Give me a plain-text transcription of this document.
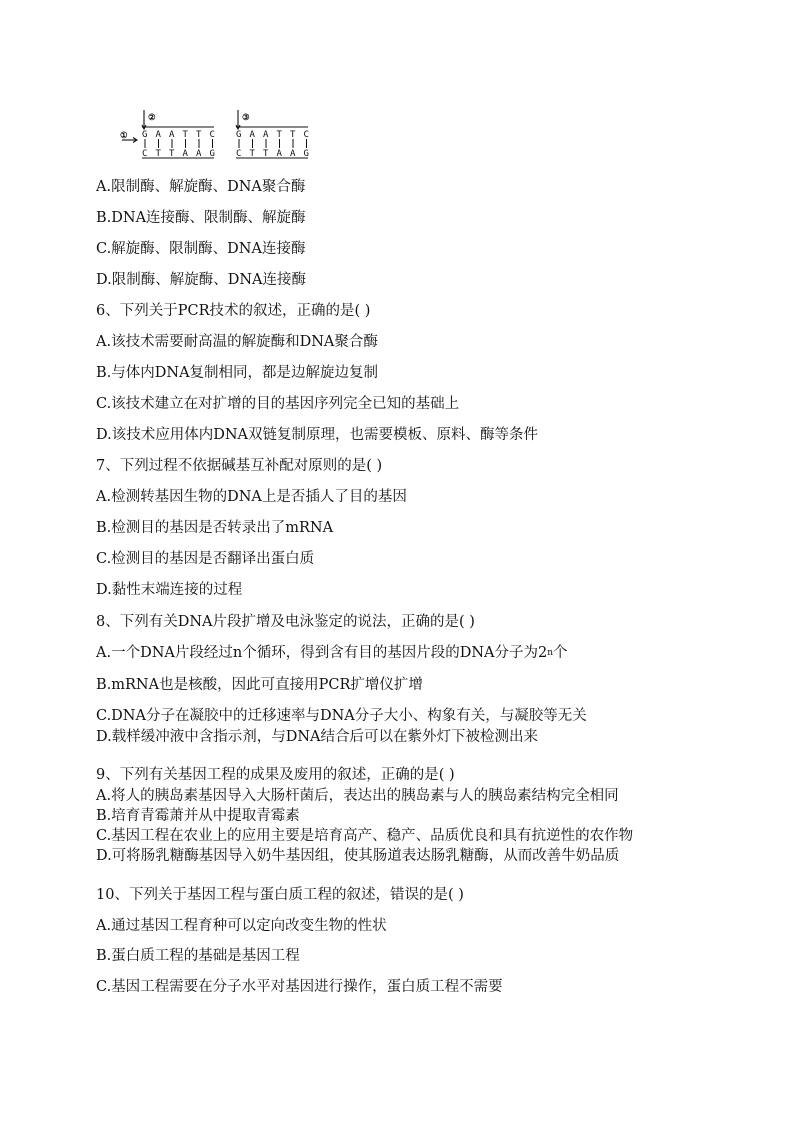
①
②	③
G A A T T C
C T T A A G
G A A T T C
C T T A A G
A.限制酶、解旋酶、DNA聚合酶
B.DNA连接酶、限制酶、解旋酶
C.解旋酶、限制酶、DNA连接酶
D.限制酶、解旋酶、DNA连接酶
6、下列关于PCR技术的叙述，正确的是( )
A.该技术需要耐高温的解旋酶和DNA聚合酶
B.与体内DNA复制相同，都是边解旋边复制
C.该技术建立在对扩增的目的基因序列完全已知的基础上
D.该技术应用体内DNA双链复制原理，也需要模板、原料、酶等条件
7、下列过程不依据碱基互补配对原则的是( )
A.检测转基因生物的DNA上是否插人了目的基因
B.检测目的基因是否转录出了mRNA
C.检测目的基因是否翻译出蛋白质
D.黏性末端连接的过程
8、下列有关DNA片段扩增及电泳鉴定的说法，正确的是( )
A.一个DNA片段经过n个循环，得到含有目的基因片段的DNA分子为2$^n$个
B.mRNA也是核酸，因此可直接用PCR扩增仪扩增
C.DNA分子在凝胶中的迁移速率与DNA分子大小、构象有关，与凝胶等无关
D.载样缓冲液中含指示剂，与DNA结合后可以在紫外灯下被检测出来
9、下列有关基因工程的成果及废用的叙述，正确的是( )
A.将人的胰岛素基因导入大肠杆菌后，表达出的胰岛素与人的胰岛素结构完全相同
B.培育青霉萧并从中提取青霉素
C.基因工程在农业上的应用主要是培育高产、稳产、品质优良和具有抗逆性的农作物
D.可将肠乳糖酶基因导入奶牛基因组，使其肠道表达肠乳糖酶，从而改善牛奶品质
10、下列关于基因工程与蛋白质工程的叙述，错误的是( )
A.通过基因工程育种可以定向改变生物的性状
B.蛋白质工程的基础是基因工程
C.基因工程需要在分子水平对基因进行操作，蛋白质工程不需要
